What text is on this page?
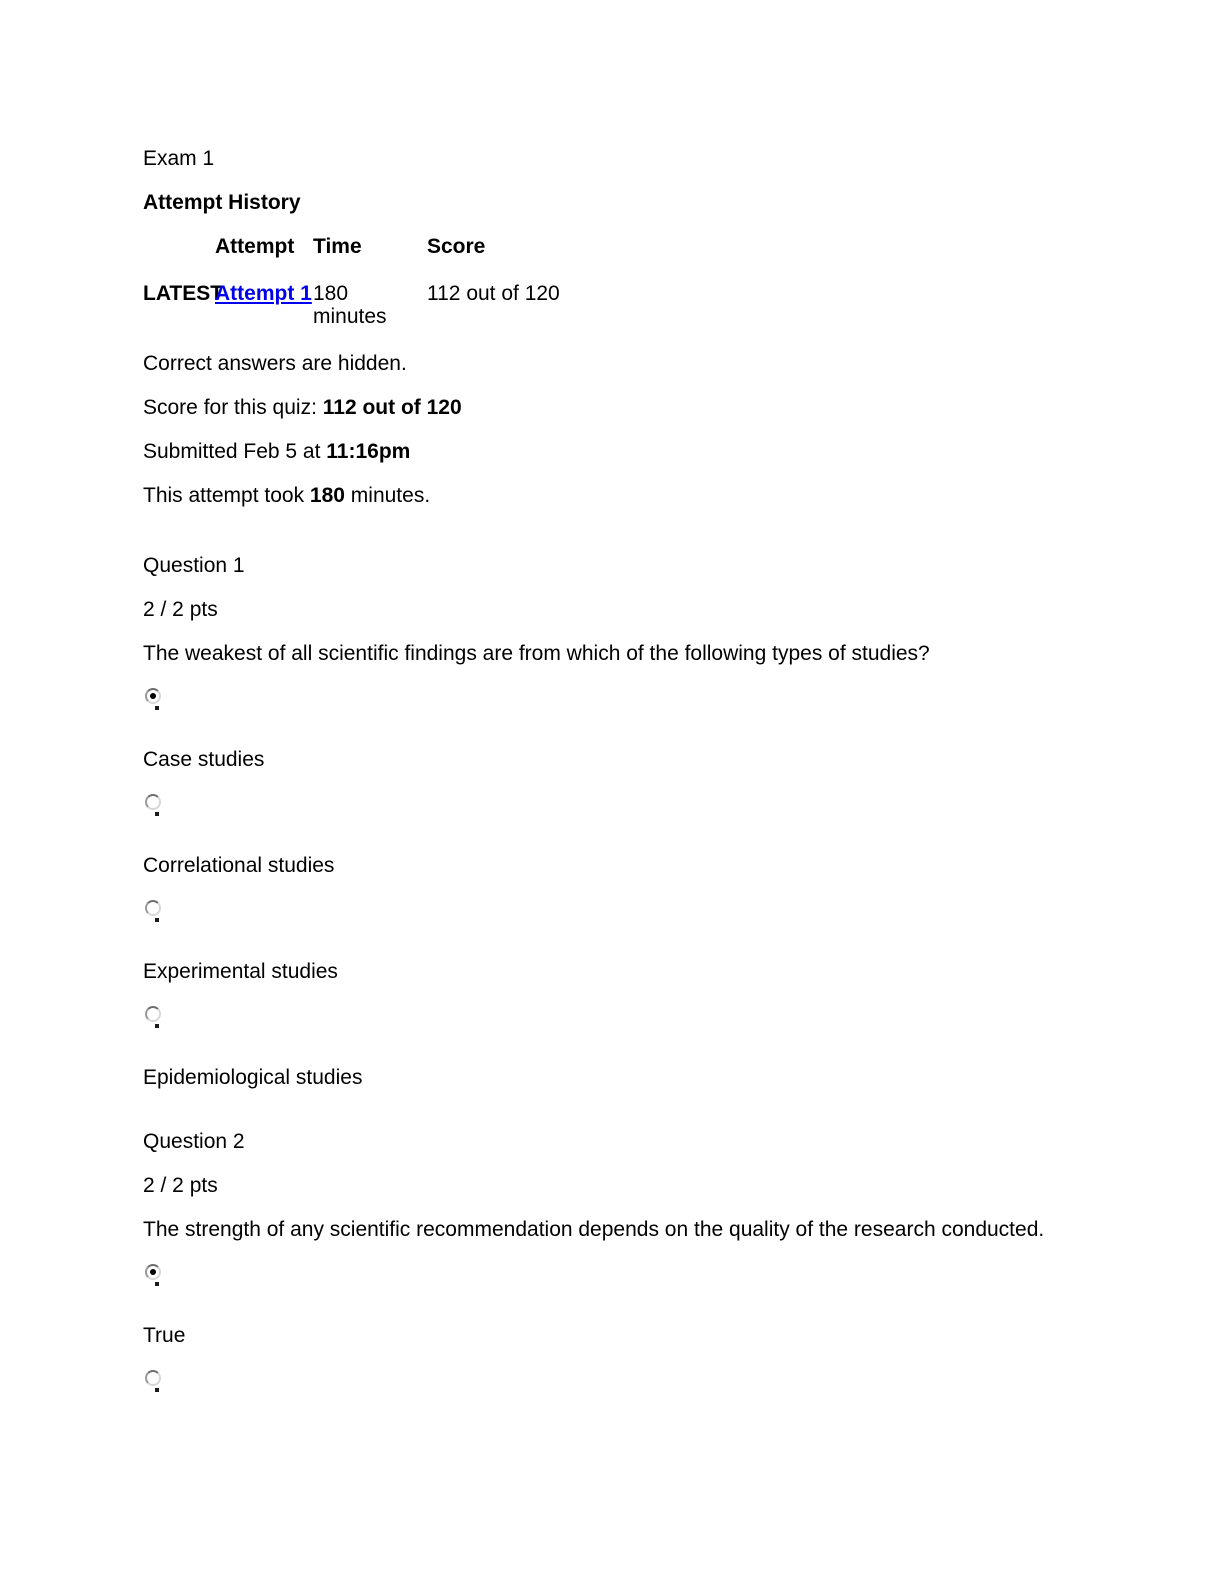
Exam 1

Attempt History

Attempt Time	Score
LATEST
Attempt 1 180 minutes
112 out of 120

Correct answers are hidden.

Score for this quiz: 112 out of 120

Submitted Feb 5 at 11:16pm

This attempt took 180 minutes.

Question 1

2 / 2 pts

The weakest of all scientific findings are from which of the following types of studies?

Case studies

Correlational studies

Experimental studies

Epidemiological studies

Question 2

2 / 2 pts

The strength of any scientific recommendation depends on the quality of the research conducted.

True
